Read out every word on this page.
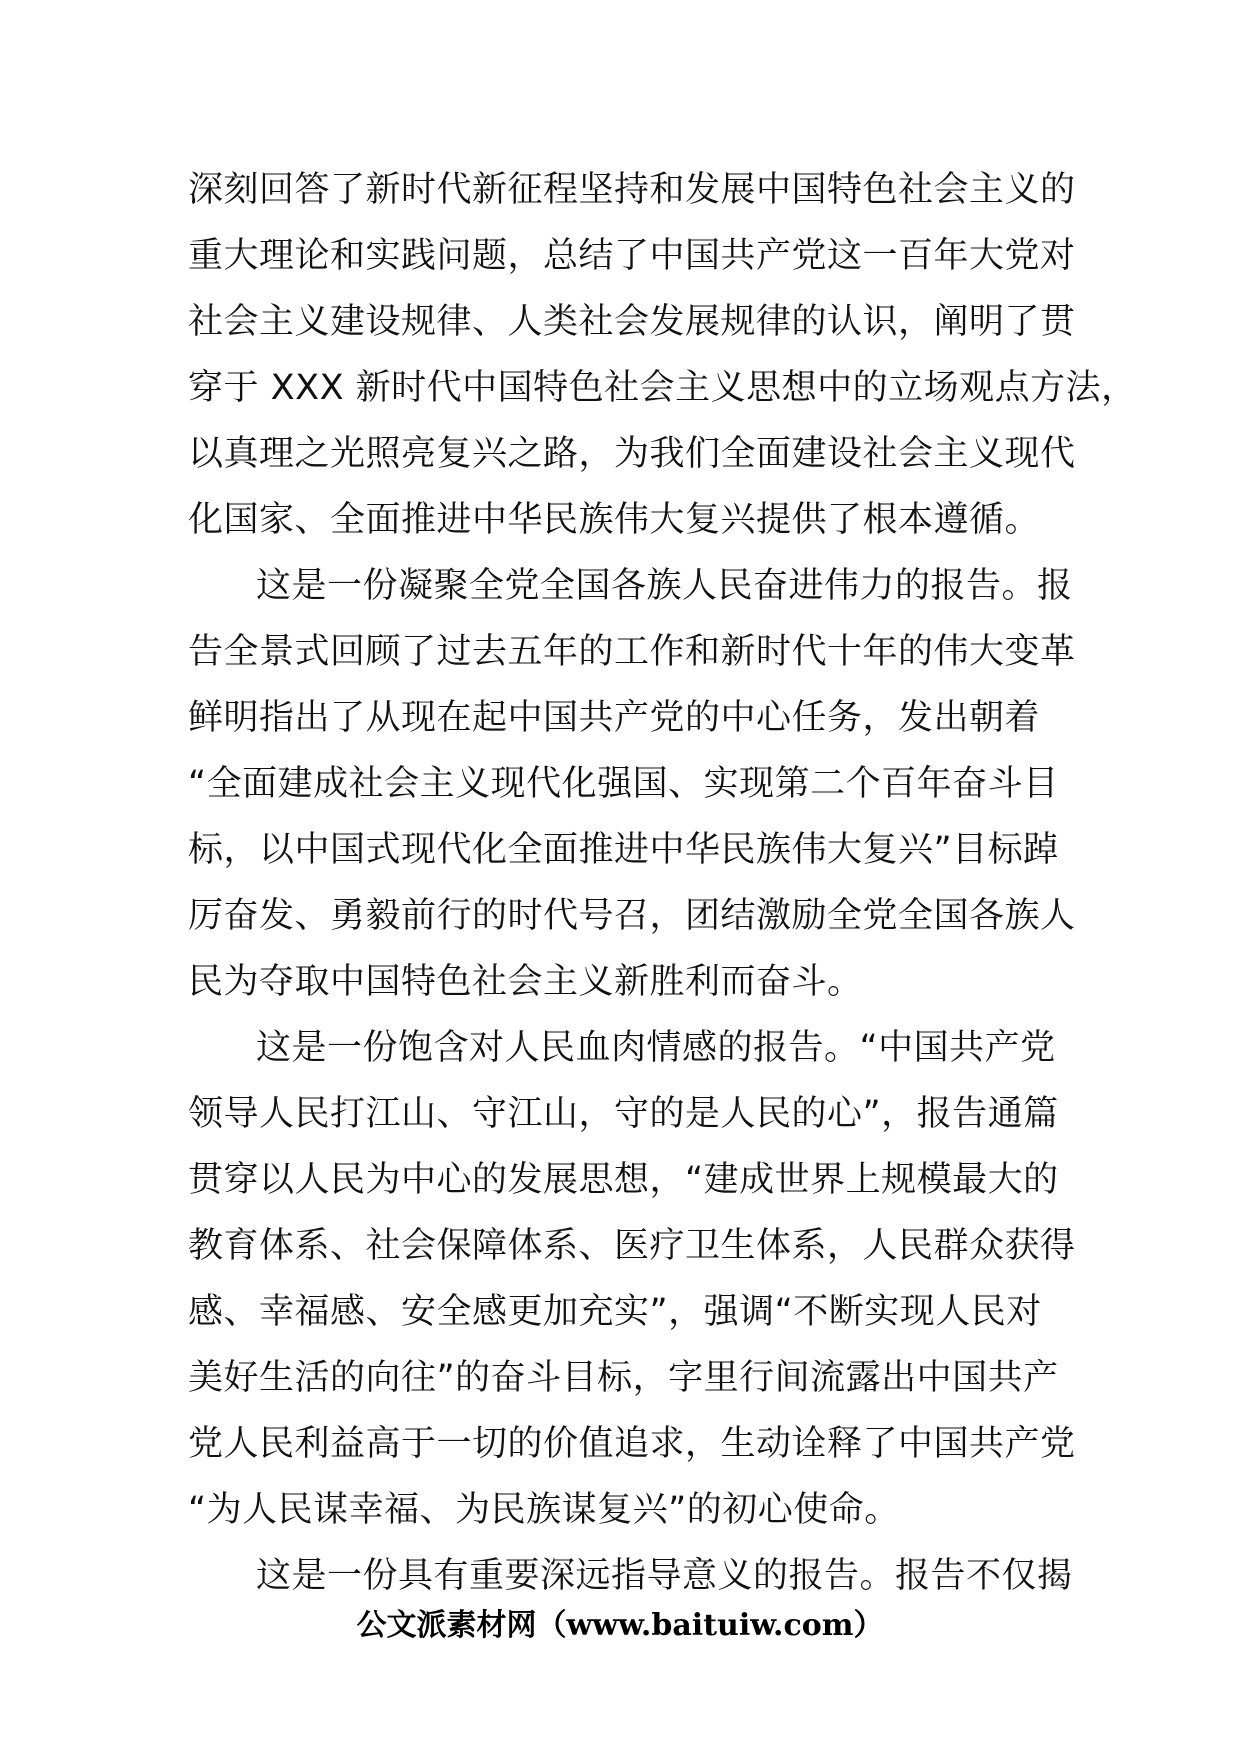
深刻回答了新时代新征程坚持和发展中国特色社会主义的
重大理论和实践问题，总结了中国共产党这一百年大党对
社会主义建设规律、人类社会发展规律的认识，阐明了贯
穿于 XXX 新时代中国特色社会主义思想中的立场观点方法，
以真理之光照亮复兴之路，为我们全面建设社会主义现代
化国家、全面推进中华民族伟大复兴提供了根本遵循。
这是一份凝聚全党全国各族人民奋进伟力的报告。报
告全景式回顾了过去五年的工作和新时代十年的伟大变革
鲜明指出了从现在起中国共产党的中心任务，发出朝着
“全面建成社会主义现代化强国、实现第二个百年奋斗目
标，以中国式现代化全面推进中华民族伟大复兴”目标踔
厉奋发、勇毅前行的时代号召，团结激励全党全国各族人
民为夺取中国特色社会主义新胜利而奋斗。
这是一份饱含对人民血肉情感的报告。“中国共产党
领导人民打江山、守江山，守的是人民的心”，报告通篇
贯穿以人民为中心的发展思想，“建成世界上规模最大的
教育体系、社会保障体系、医疗卫生体系，人民群众获得
感、幸福感、安全感更加充实”，强调“不断实现人民对
美好生活的向往”的奋斗目标，字里行间流露出中国共产
党人民利益高于一切的价值追求，生动诠释了中国共产党
“为人民谋幸福、为民族谋复兴”的初心使命。
这是一份具有重要深远指导意义的报告。报告不仅揭
公文派素材网（www.baituiw.com）
